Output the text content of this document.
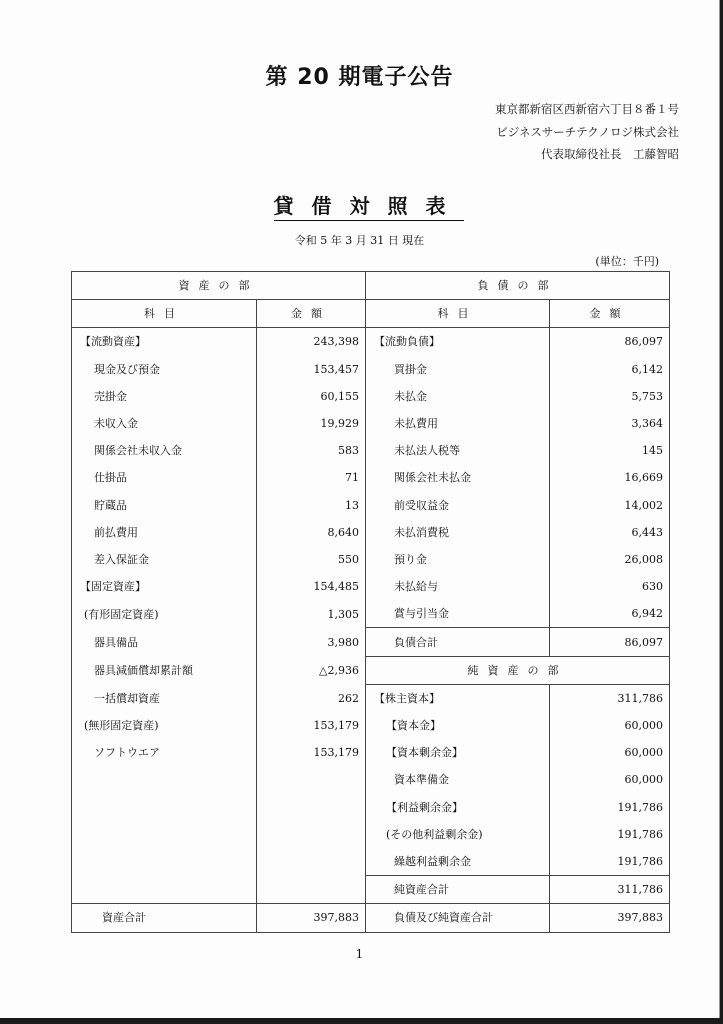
第 20 期電子公告
東京都新宿区西新宿六丁目８番１号
ビジネスサーチテクノロジ株式会社
代表取締役社長　工藤智昭
貸借対照表
令和 5 年 3 月 31 日 現在
(単位：千円)
資産の部		負債の部	
科目	金額	科目	金額
【流動資産】	243,398	【流動負債】	86,097
現金及び預金	153,457	買掛金	6,142
売掛金	60,155	未払金	5,753
未収入金	19,929	未払費用	3,364
関係会社未収入金	583	未払法人税等	145
仕掛品	71	関係会社未払金	16,669
貯蔵品	13	前受収益金	14,002
前払費用	8,640	未払消費税	6,443
差入保証金	550	預り金	26,008
【固定資産】	154,485	未払給与	630
(有形固定資産)	1,305	賞与引当金	6,942
器具備品	3,980	負債合計	86,097
器具減価償却累計額	△2,936	純資産の部	
一括償却資産	262	【株主資本】	311,786
(無形固定資産)	153,179	【資本金】	60,000
ソフトウエア	153,179	【資本剰余金】	60,000
		資本準備金	60,000
		【利益剰余金】	191,786
		(その他利益剰余金)	191,786
		繰越利益剰余金	191,786
		純資産合計	311,786
資産合計	397,883	負債及び純資産合計	397,883
1
